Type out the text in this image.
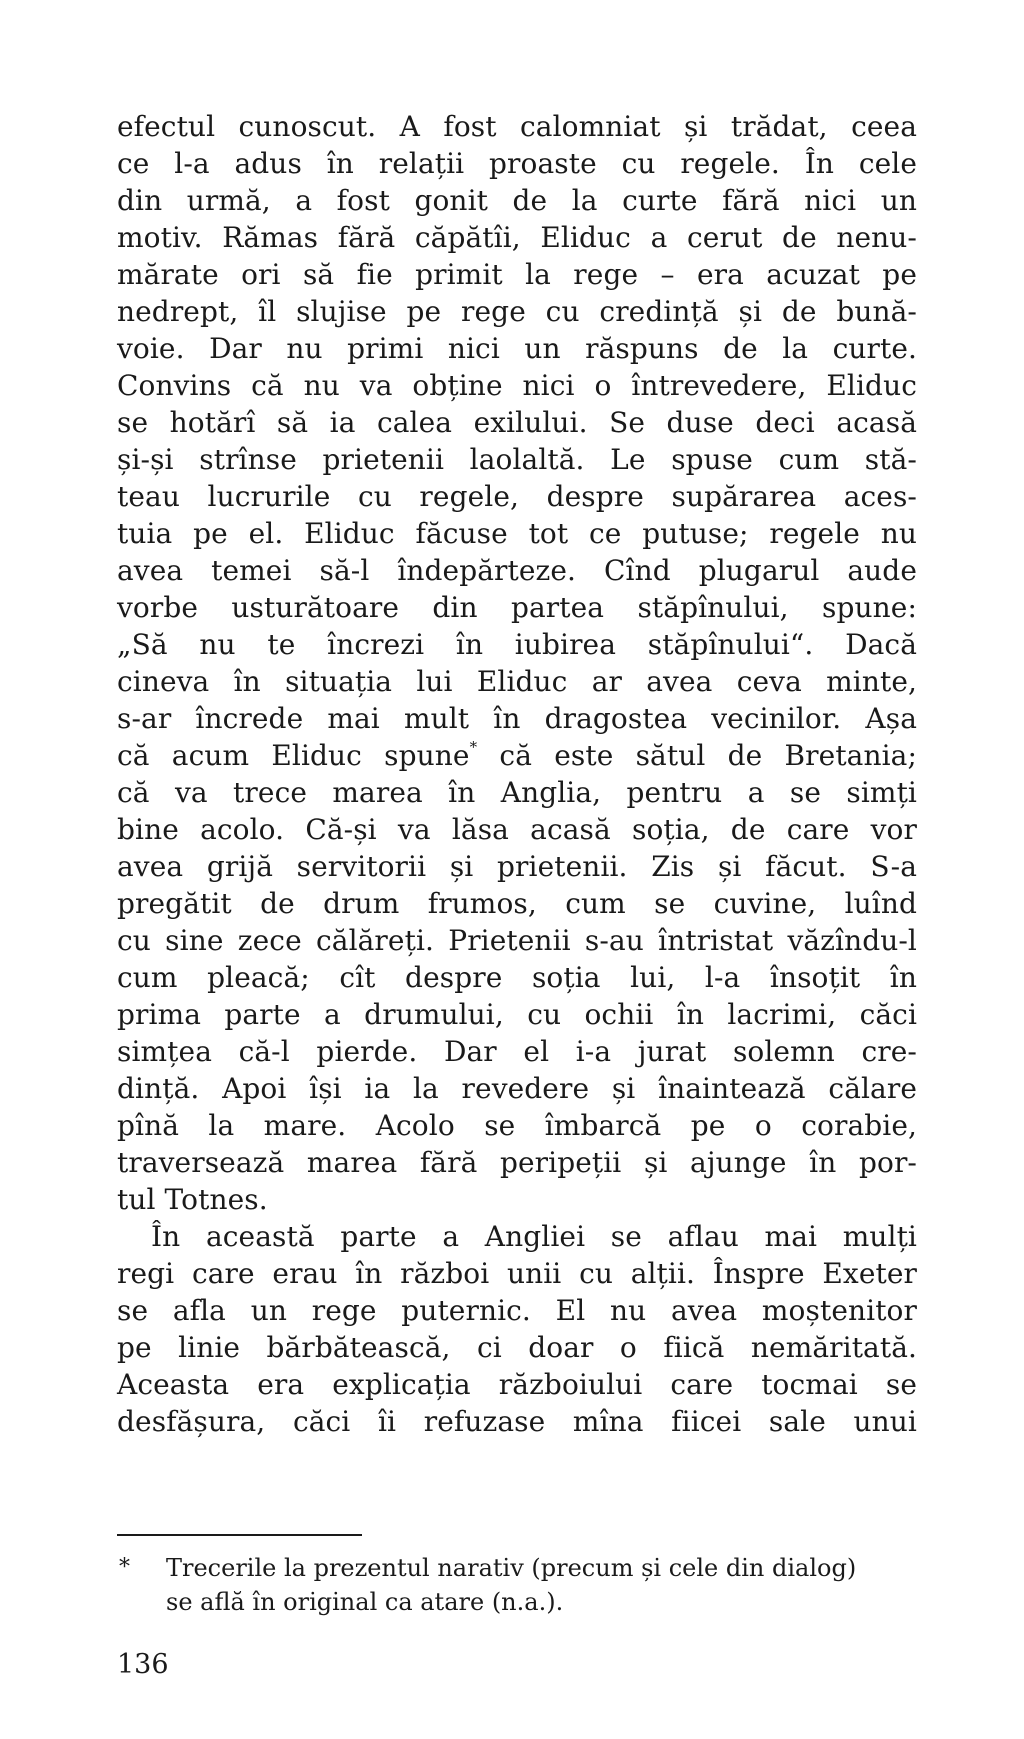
efectul cunoscut. A fost calomniat și trădat, ceea
ce l-a adus în relații proaste cu regele. În cele
din urmă, a fost gonit de la curte fără nici un
motiv. Rămas fără căpătîi, Eliduc a cerut de nenu-
mărate ori să fie primit la rege – era acuzat pe
nedrept, îl slujise pe rege cu credință și de bună-
voie. Dar nu primi nici un răspuns de la curte.
Convins că nu va obține nici o întrevedere, Eliduc
se hotărî să ia calea exilului. Se duse deci acasă
și-și strînse prietenii laolaltă. Le spuse cum stă-
teau lucrurile cu regele, despre supărarea aces-
tuia pe el. Eliduc făcuse tot ce putuse; regele nu
avea temei să-l îndepărteze. Cînd plugarul aude
vorbe usturătoare din partea stăpînului, spune:
„Să nu te încrezi în iubirea stăpînului“. Dacă
cineva în situația lui Eliduc ar avea ceva minte,
s-ar încrede mai mult în dragostea vecinilor. Așa
că acum Eliduc spune* că este sătul de Bretania;
că va trece marea în Anglia, pentru a se simți
bine acolo. Că-și va lăsa acasă soția, de care vor
avea grijă servitorii și prietenii. Zis și făcut. S-a
pregătit de drum frumos, cum se cuvine, luînd
cu sine zece călăreți. Prietenii s-au întristat văzîndu-l
cum pleacă; cît despre soția lui, l-a însoțit în
prima parte a drumului, cu ochii în lacrimi, căci
simțea că-l pierde. Dar el i-a jurat solemn cre-
dință. Apoi își ia la revedere și înaintează călare
pînă la mare. Acolo se îmbarcă pe o corabie,
traversează marea fără peripeții și ajunge în por-
tul Totnes.
În această parte a Angliei se aflau mai mulți
regi care erau în război unii cu alții. Înspre Exeter
se afla un rege puternic. El nu avea moștenitor
pe linie bărbătească, ci doar o fiică nemăritată.
Aceasta era explicația războiului care tocmai se
desfășura, căci îi refuzase mîna fiicei sale unui
* Trecerile la prezentul narativ (precum și cele din dialog)
se află în original ca atare (n.a.).
136
